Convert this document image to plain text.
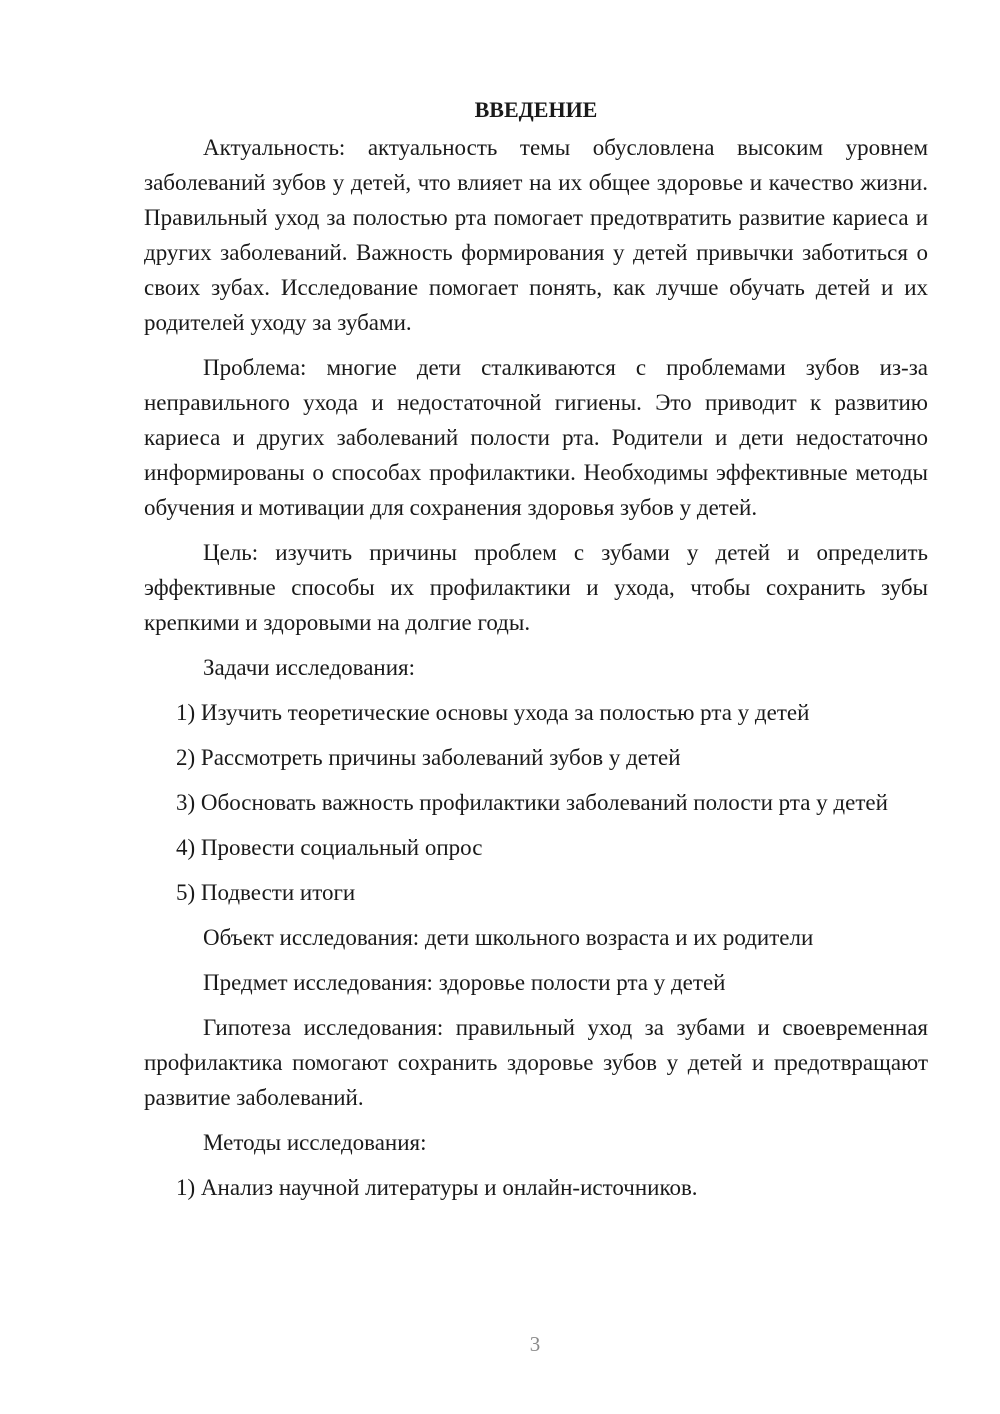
ВВЕДЕНИЕ

Актуальность: актуальность темы обусловлена высоким уровнем заболеваний зубов у детей, что влияет на их общее здоровье и качество жизни. Правильный уход за полостью рта помогает предотвратить развитие кариеса и других заболеваний. Важность формирования у детей привычки заботиться о своих зубах. Исследование помогает понять, как лучше обучать детей и их родителей уходу за зубами.

Проблема: многие дети сталкиваются с проблемами зубов из-за неправильного ухода и недостаточной гигиены. Это приводит к развитию кариеса и других заболеваний полости рта. Родители и дети недостаточно информированы о способах профилактики. Необходимы эффективные методы обучения и мотивации для сохранения здоровья зубов у детей.

Цель: изучить причины проблем с зубами у детей и определить эффективные способы их профилактики и ухода, чтобы сохранить зубы крепкими и здоровыми на долгие годы.

Задачи исследования:

1) Изучить теоретические основы ухода за полостью рта у детей

2) Рассмотреть причины заболеваний зубов у детей

3) Обосновать важность профилактики заболеваний полости рта у детей

4) Провести социальный опрос

5) Подвести итоги

Объект исследования: дети школьного возраста и их родители

Предмет исследования: здоровье полости рта у детей

Гипотеза исследования: правильный уход за зубами и своевременная профилактика помогают сохранить здоровье зубов у детей и предотвращают развитие заболеваний.

Методы исследования:

1) Анализ научной литературы и онлайн-источников.

3
